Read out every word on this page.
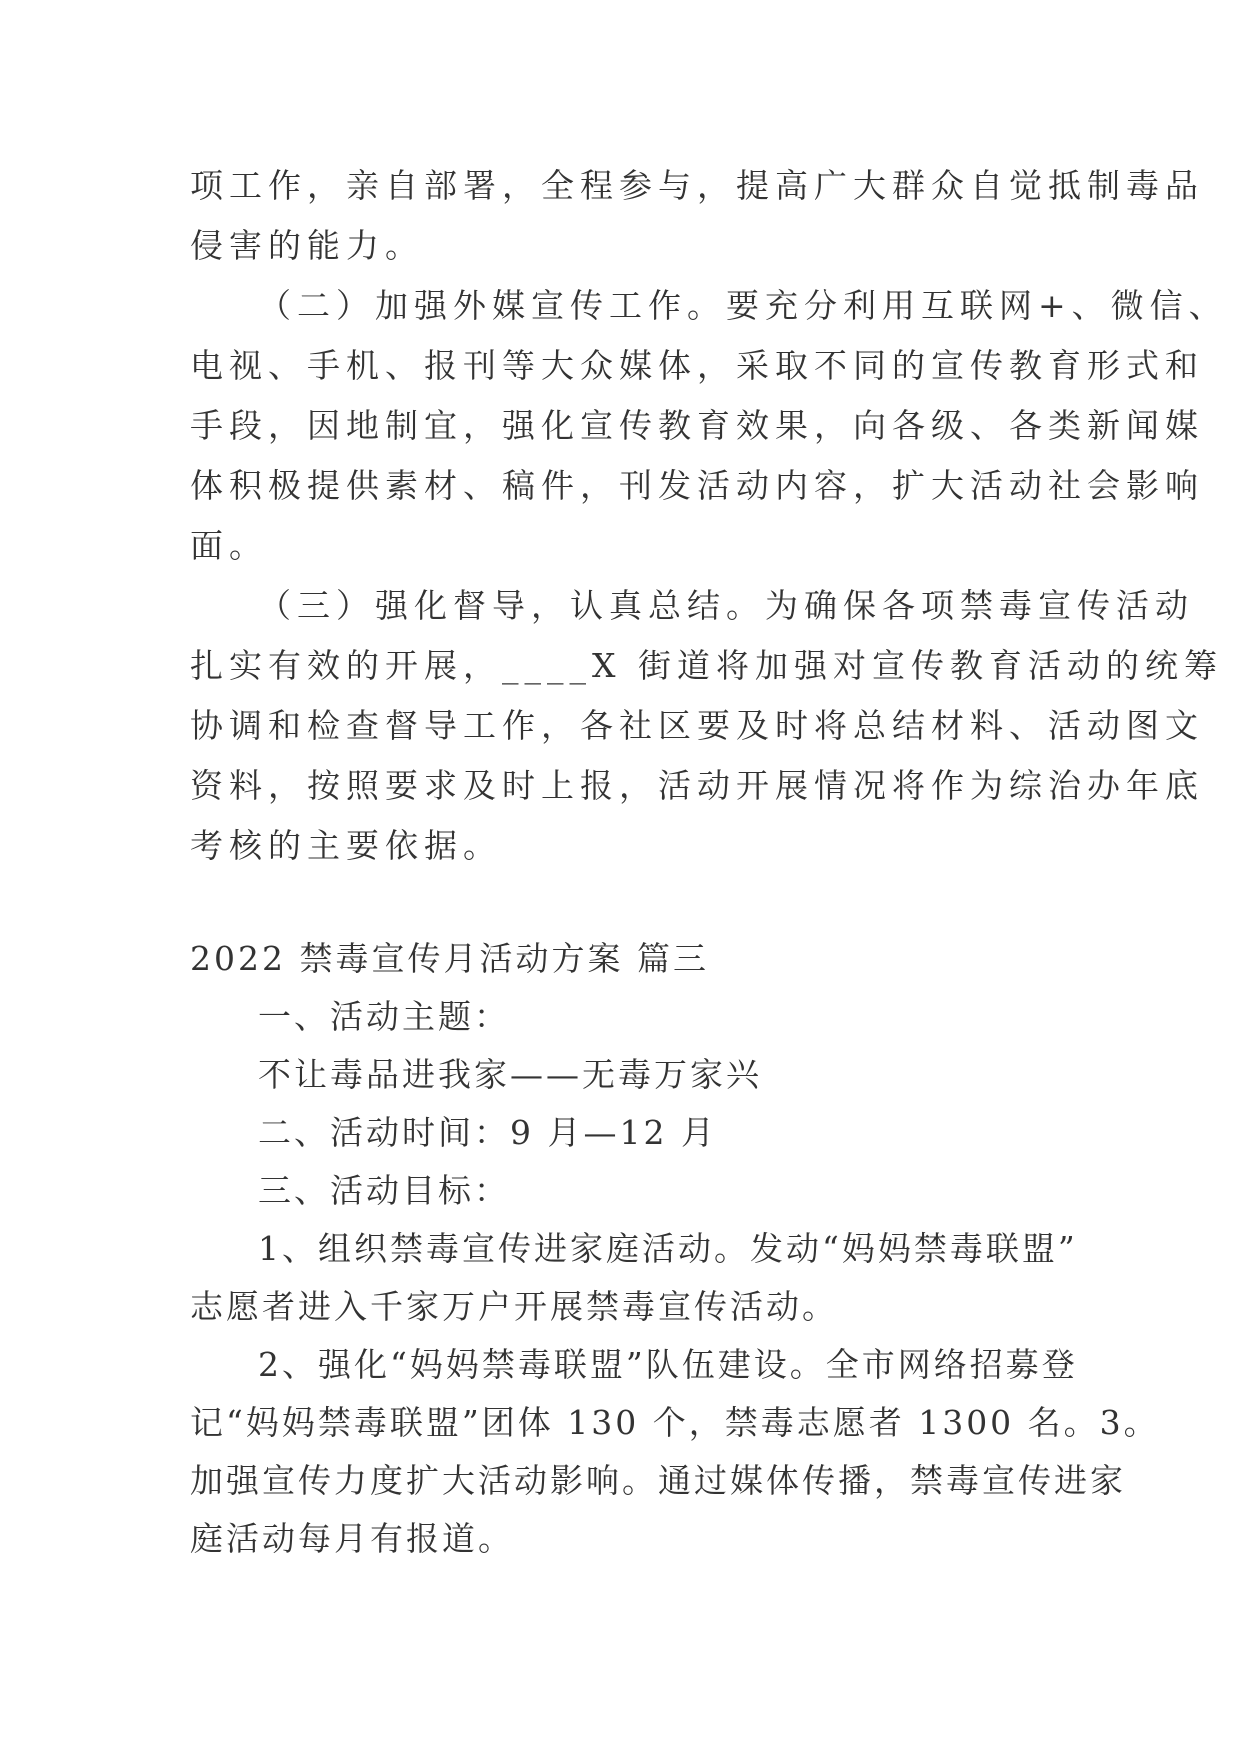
项工作，亲自部署，全程参与，提高广大群众自觉抵制毒品
侵害的能力。
（二）加强外媒宣传工作。要充分利用互联网+、微信、
电视、手机、报刊等大众媒体，采取不同的宣传教育形式和
手段，因地制宜，强化宣传教育效果，向各级、各类新闻媒
体积极提供素材、稿件，刊发活动内容，扩大活动社会影响
面。
（三）强化督导，认真总结。为确保各项禁毒宣传活动
扎实有效的开展，____X 街道将加强对宣传教育活动的统筹
协调和检查督导工作，各社区要及时将总结材料、活动图文
资料，按照要求及时上报，活动开展情况将作为综治办年底
考核的主要依据。
2022 禁毒宣传月活动方案 篇三
一、活动主题：
不让毒品进我家——无毒万家兴
二、活动时间：9 月—12 月
三、活动目标：
1、组织禁毒宣传进家庭活动。发动“妈妈禁毒联盟”
志愿者进入千家万户开展禁毒宣传活动。
2、强化“妈妈禁毒联盟”队伍建设。全市网络招募登
记“妈妈禁毒联盟”团体 130 个，禁毒志愿者 1300 名。3。
加强宣传力度扩大活动影响。通过媒体传播，禁毒宣传进家
庭活动每月有报道。
